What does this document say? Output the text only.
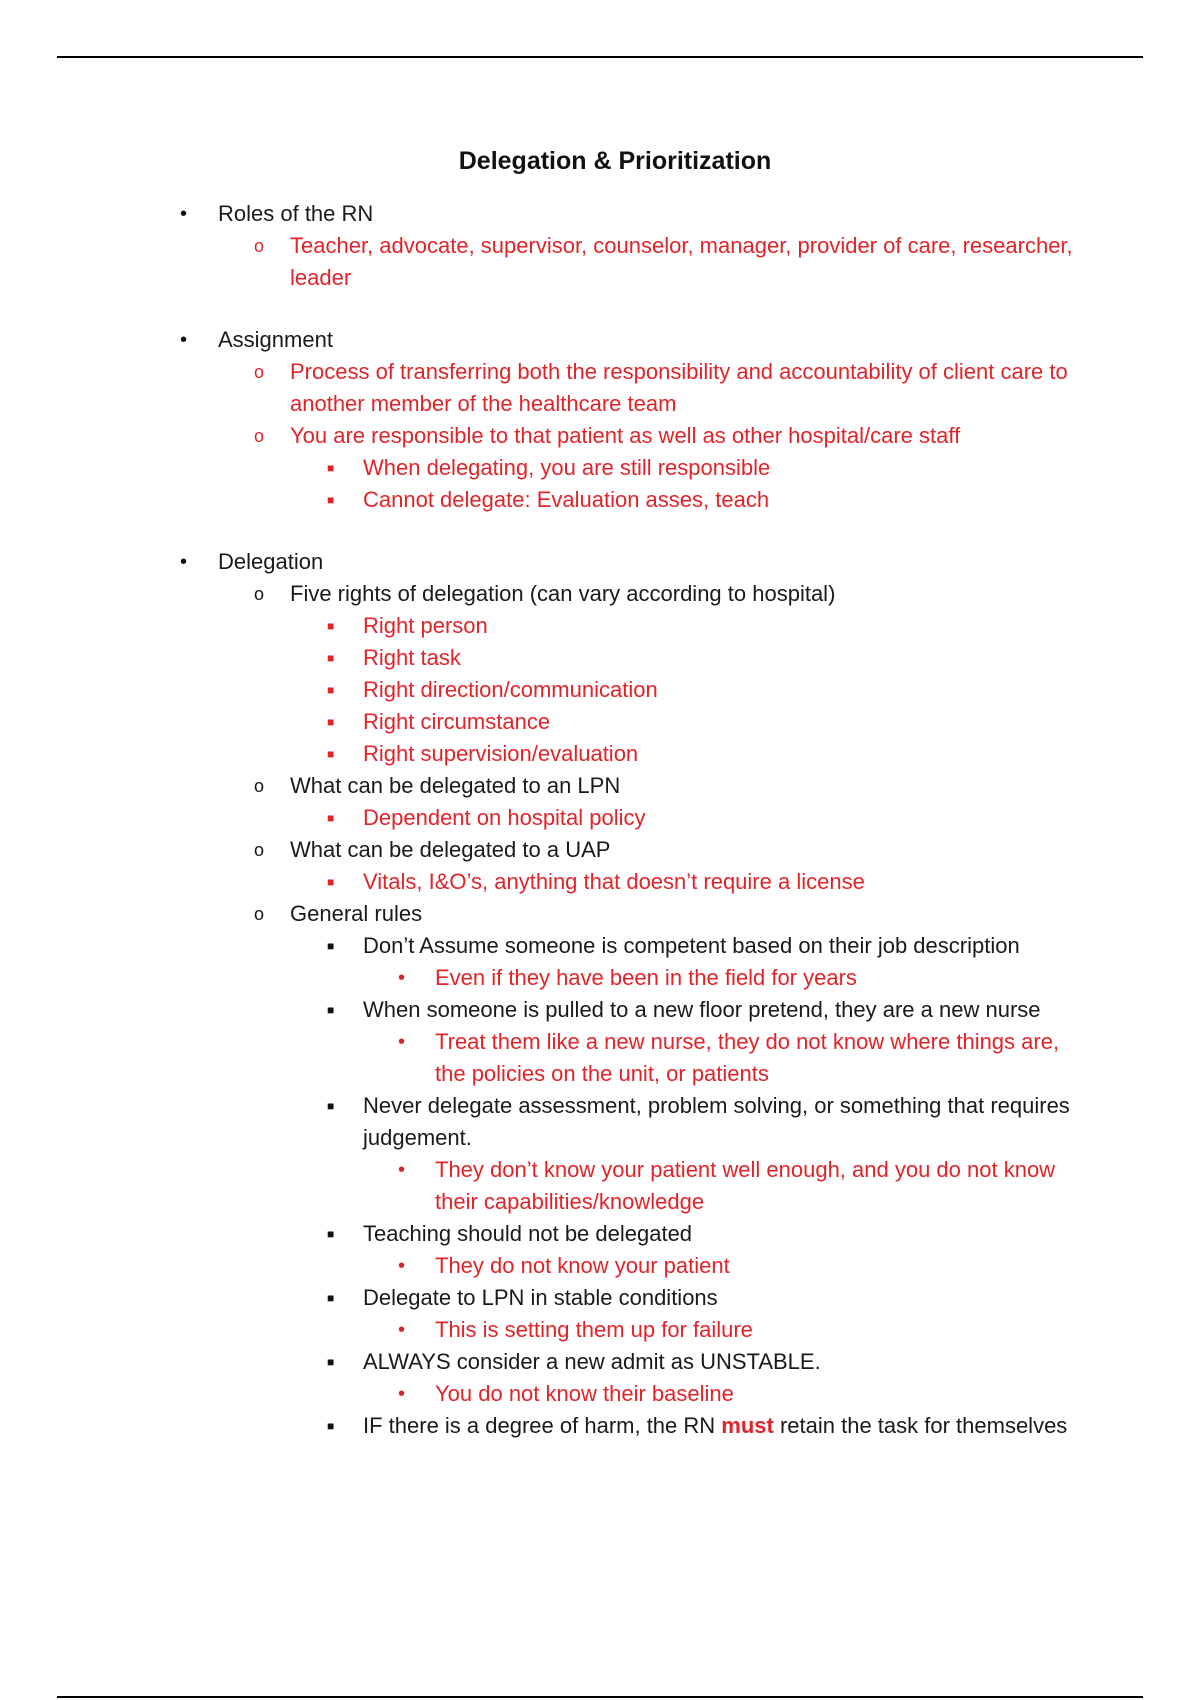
Delegation & Prioritization
• Roles of the RN
o Teacher, advocate, supervisor, counselor, manager, provider of care, researcher, leader
• Assignment
o Process of transferring both the responsibility and accountability of client care to another member of the healthcare team
o You are responsible to that patient as well as other hospital/care staff
■ When delegating, you are still responsible
■ Cannot delegate: Evaluation asses, teach
• Delegation
o Five rights of delegation (can vary according to hospital)
■ Right person
■ Right task
■ Right direction/communication
■ Right circumstance
■ Right supervision/evaluation
o What can be delegated to an LPN
■ Dependent on hospital policy
o What can be delegated to a UAP
■ Vitals, I&O’s, anything that doesn’t require a license
o General rules
■ Don’t Assume someone is competent based on their job description
• Even if they have been in the field for years
■ When someone is pulled to a new floor pretend, they are a new nurse
• Treat them like a new nurse, they do not know where things are, the policies on the unit, or patients
■ Never delegate assessment, problem solving, or something that requires judgement.
• They don’t know your patient well enough, and you do not know their capabilities/knowledge
■ Teaching should not be delegated
• They do not know your patient
■ Delegate to LPN in stable conditions
• This is setting them up for failure
■ ALWAYS consider a new admit as UNSTABLE.
• You do not know their baseline
■ IF there is a degree of harm, the RN must retain the task for themselves
